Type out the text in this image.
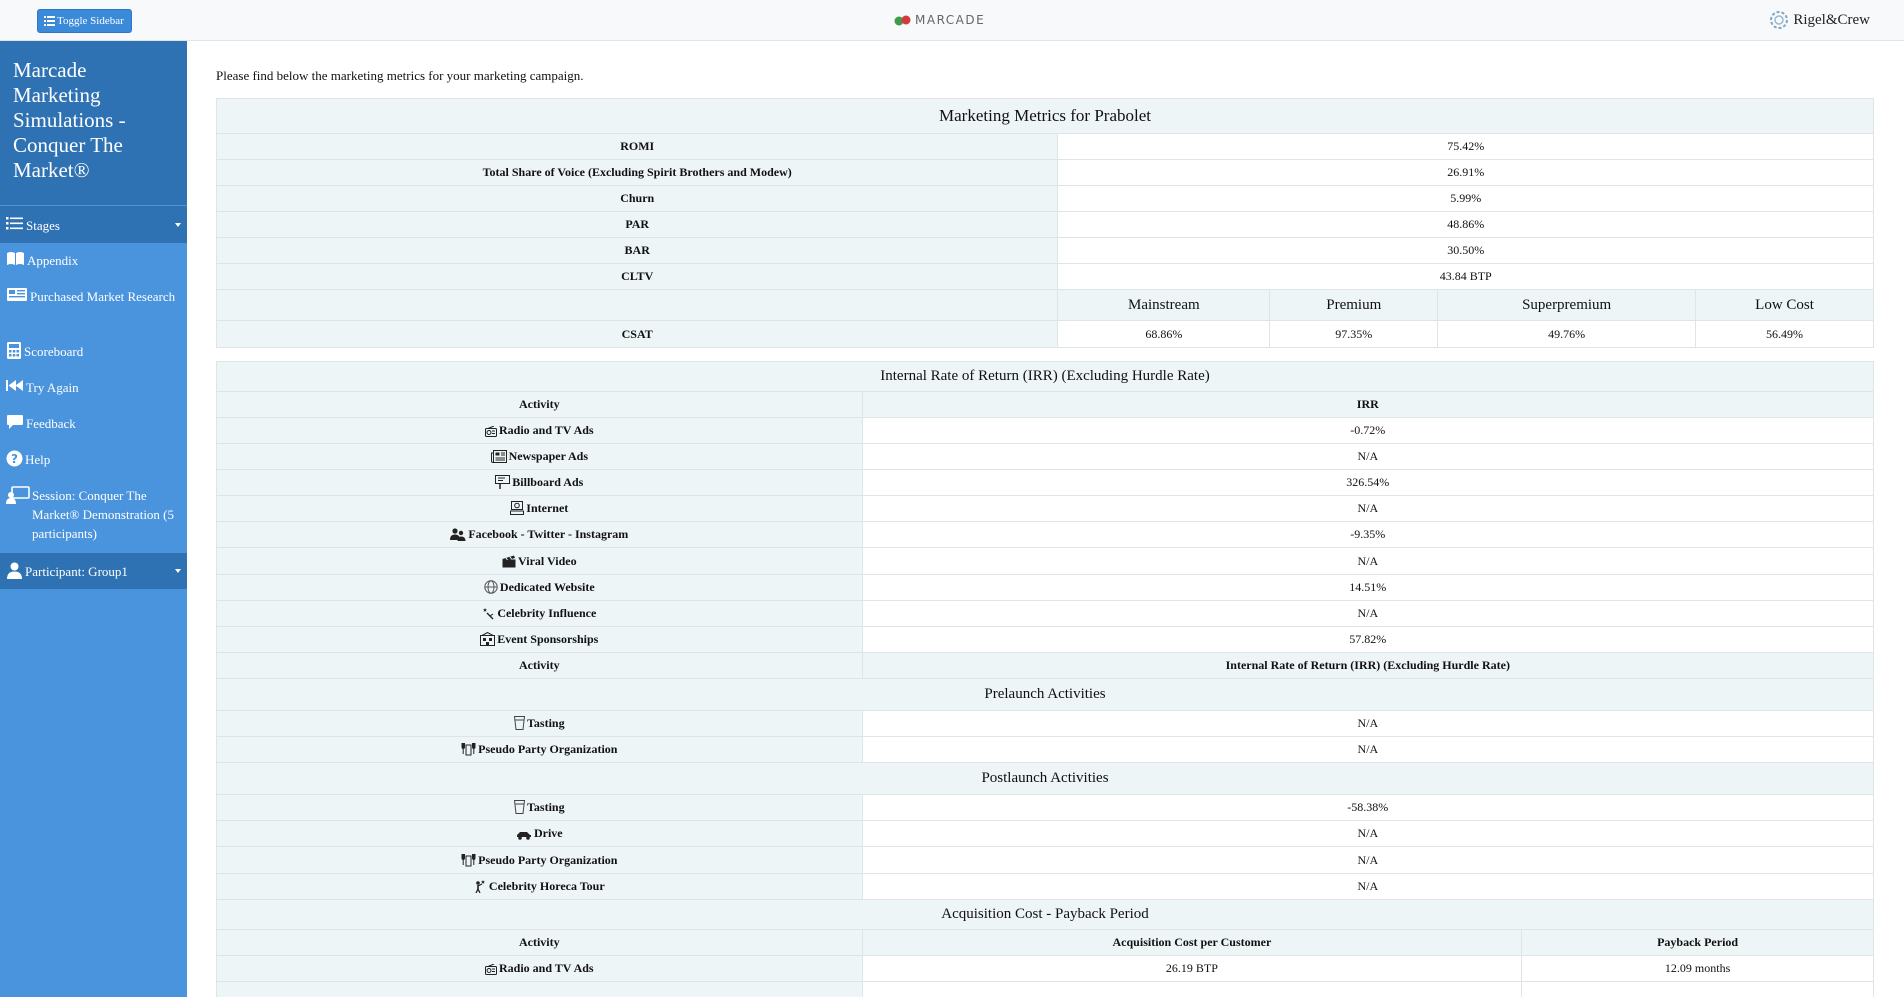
Toggle Sidebar	MARCADE	Rigel&Crew
Marcade Marketing Simulations - Conquer The Market®
Stages
Appendix
Purchased Market Research
Scoreboard
Try Again
Feedback
? Help
Session: Conquer The Market® Demonstration (5 participants)
Participant: Group1

Please find below the marketing metrics for your marketing campaign.

Marketing Metrics for Prabolet				
ROMI	75.42%			
Total Share of Voice (Excluding Spirit Brothers and Modew)	26.91%			
Churn	5.99%			
PAR	48.86%			
BAR	30.50%			
CLTV	43.84 BTP			
	Mainstream	Premium	Superpremium	Low Cost
CSAT	68.86%	97.35%	49.76%	56.49%
Internal Rate of Return (IRR) (Excluding Hurdle Rate)		
Activity	IRR	
Radio and TV Ads	-0.72%	
Newspaper Ads	N/A	
Billboard Ads	326.54%	
Internet	N/A	
Facebook - Twitter - Instagram	-9.35%	
Viral Video	N/A	
Dedicated Website	14.51%	
Celebrity Influence	N/A	
Event Sponsorships	57.82%	
Activity	Internal Rate of Return (IRR) (Excluding Hurdle Rate)	
Prelaunch Activities		
Tasting	N/A	
Pseudo Party Organization	N/A	
Postlaunch Activities		
Tasting	-58.38%	
Drive	N/A	
Pseudo Party Organization	N/A	
Celebrity Horeca Tour	N/A	
Acquisition Cost - Payback Period		
Activity	Acquisition Cost per Customer	Payback Period
Radio and TV Ads	26.19 BTP	12.09 months
